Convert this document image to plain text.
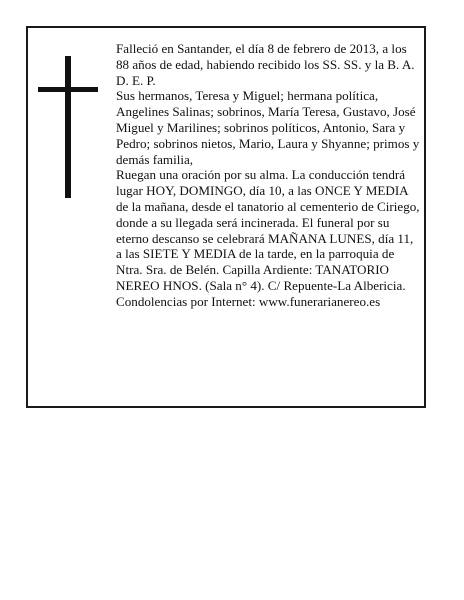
Falleció en Santander, el día 8 de febrero de 2013, a los 88 años de edad, habiendo recibido los SS. SS. y la B. A.

D. E. P.

Sus hermanos, Teresa y Miguel; hermana política, Angelines Salinas; sobrinos, María Teresa, Gustavo, José Miguel y Marilines; sobrinos políticos, Antonio, Sara y Pedro; sobrinos nietos, Mario, Laura y Shyanne; primos y demás familia,

Ruegan una oración por su alma. La conducción tendrá lugar HOY, DOMINGO, día 10, a las ONCE Y MEDIA de la mañana, desde el tanatorio al cementerio de Ciriego, donde a su llegada será incinerada. El funeral por su eterno descanso se celebrará MAÑANA LUNES, día 11, a las SIETE Y MEDIA de la tarde, en la parroquia de Ntra. Sra. de Belén. Capilla Ardiente: TANATORIO NEREO HNOS. (Sala n° 4). C/ Repuente-La Albericia.

Condolencias por Internet: www.funerarianereo.es
